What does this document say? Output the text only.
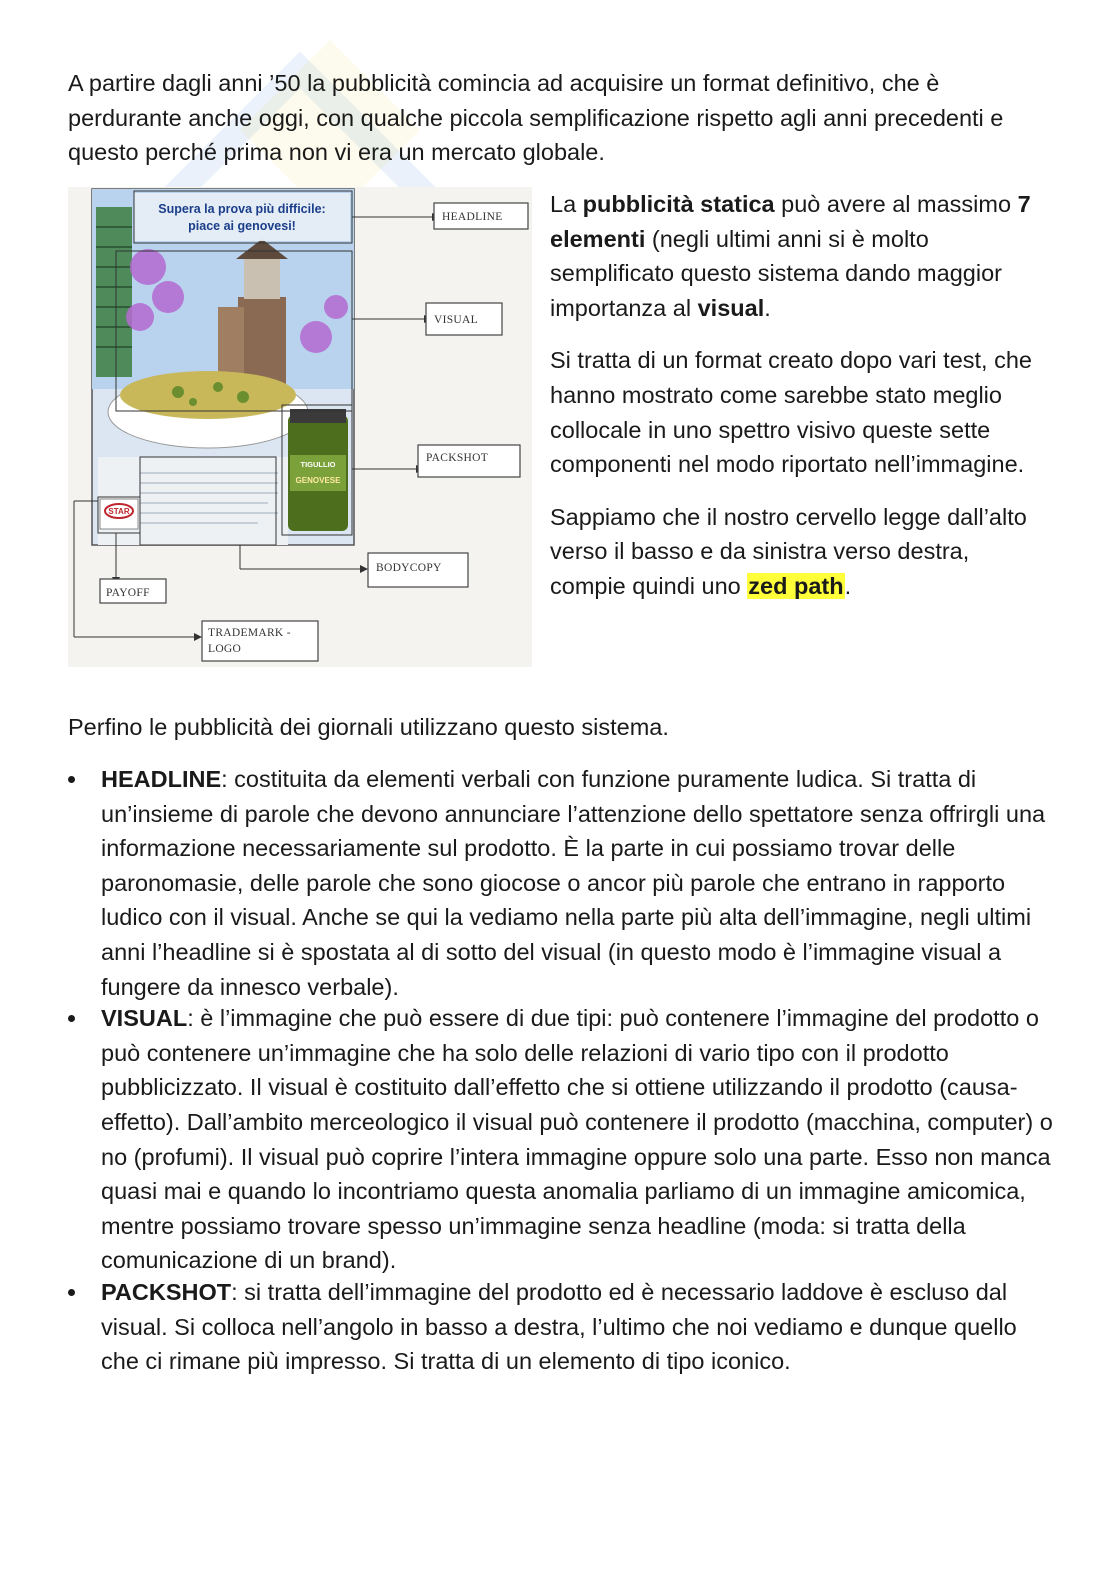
A partire dagli anni ’50 la pubblicità comincia ad acquisire un format definitivo, che è perdurante anche oggi, con qualche piccola semplificazione rispetto agli anni precedenti e questo perché prima non vi era un mercato globale.

Supera la prova più difficile:
piace ai genovesi!
TIGULLIO
GENOVESE
STAR
HEADLINE
VISUAL
PACKSHOT
BODYCOPY
PAYOFF
TRADEMARK -
LOGO

La pubblicità statica può avere al massimo 7 elementi (negli ultimi anni si è molto semplificato questo sistema dando maggior importanza al visual.

Si tratta di un format creato dopo vari test, che hanno mostrato come sarebbe stato meglio collocale in uno spettro visivo queste sette componenti nel modo riportato nell’immagine.

Sappiamo che il nostro cervello legge dall’alto verso il basso e da sinistra verso destra, compie quindi uno zed path.

Perfino le pubblicità dei giornali utilizzano questo sistema.

HEADLINE: costituita da elementi verbali con funzione puramente ludica. Si tratta di un’insieme di parole che devono annunciare l’attenzione dello spettatore senza offrirgli una informazione necessariamente sul prodotto. È la parte in cui possiamo trovar delle paronomasie, delle parole che sono giocose o ancor più parole che entrano in rapporto ludico con il visual. Anche se qui la vediamo nella parte più alta dell’immagine, negli ultimi anni l’headline si è spostata al di sotto del visual (in questo modo è l’immagine visual a fungere da innesco verbale).
VISUAL: è l’immagine che può essere di due tipi: può contenere l’immagine del prodotto o può contenere un’immagine che ha solo delle relazioni di vario tipo con il prodotto pubblicizzato. Il visual è costituito dall’effetto che si ottiene utilizzando il prodotto (causa- effetto). Dall’ambito merceologico il visual può contenere il prodotto (macchina, computer) o no (profumi). Il visual può coprire l’intera immagine oppure solo una parte. Esso non manca quasi mai e quando lo incontriamo questa anomalia parliamo di un immagine amicomica, mentre possiamo trovare spesso un’immagine senza headline (moda: si tratta della comunicazione di un brand).
PACKSHOT: si tratta dell’immagine del prodotto ed è necessario laddove è escluso dal visual. Si colloca nell’angolo in basso a destra, l’ultimo che noi vediamo e dunque quello che ci rimane più impresso. Si tratta di un elemento di tipo iconico.
